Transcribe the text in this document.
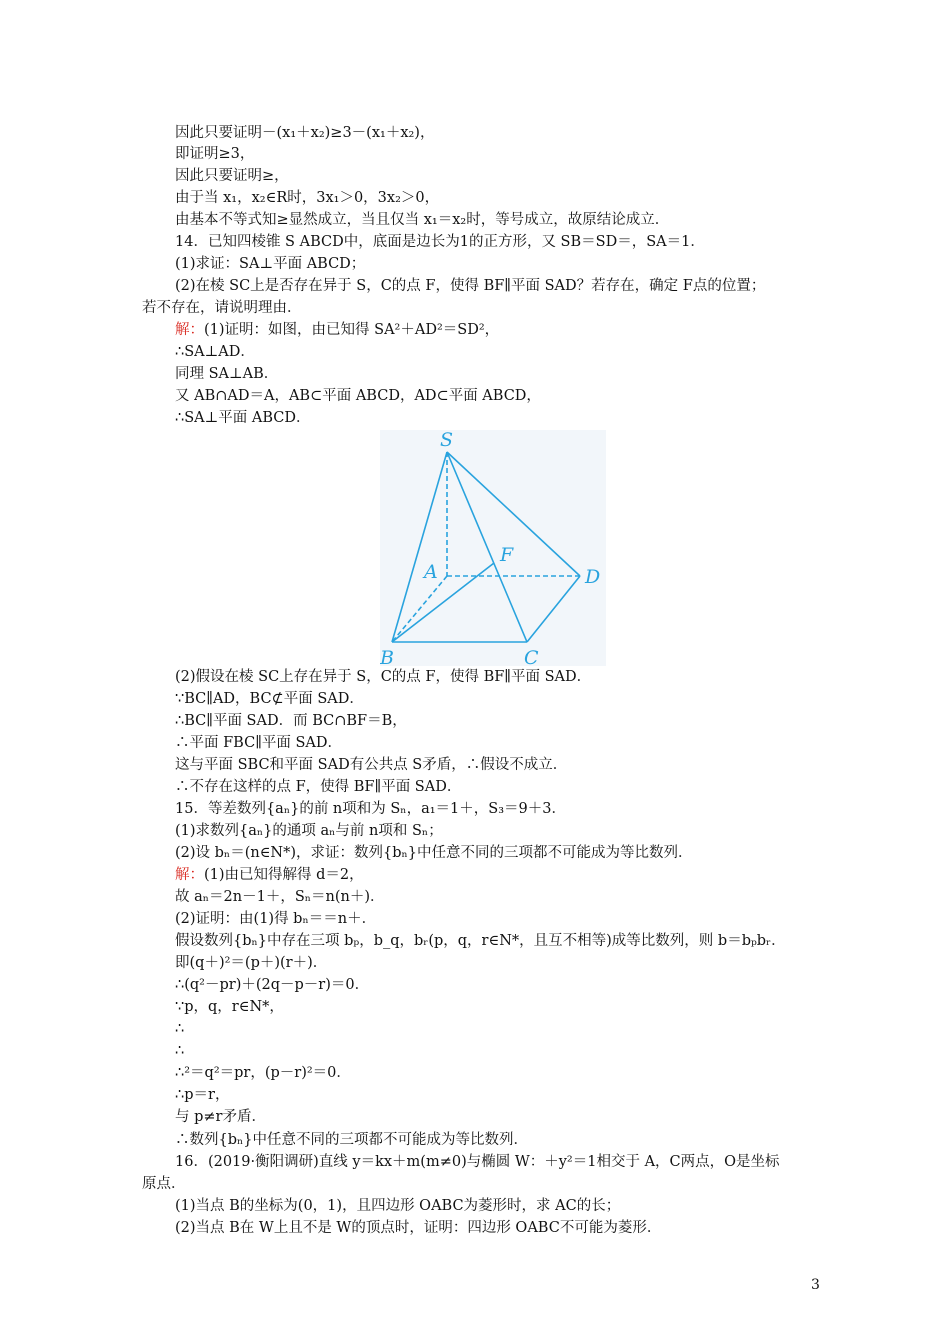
因此只要证明－(x₁＋x₂)≥3－(x₁＋x₂)，
即证明≥3，
因此只要证明≥，
由于当 x₁，x₂∈R时，3x₁＞0，3x₂＞0，
由基本不等式知≥显然成立，当且仅当 x₁＝x₂时，等号成立，故原结论成立．
14．已知四棱锥 S ABCD中，底面是边长为1的正方形，又 SB＝SD＝，SA＝1．
(1)求证：SA⊥平面 ABCD；
(2)在棱 SC上是否存在异于 S，C的点 F，使得 BF∥平面 SAD？若存在，确定 F点的位置；
若不存在，请说明理由．
解：(1)证明：如图，由已知得 SA²＋AD²＝SD²，
∴SA⊥AD．
同理 SA⊥AB．
又 AB∩AD＝A，AB⊂平面 ABCD，AD⊂平面 ABCD，
∴SA⊥平面 ABCD．
S
A
B	C
D
F
(2)假设在棱 SC上存在异于 S，C的点 F，使得 BF∥平面 SAD．
∵BC∥AD，BC⊄平面 SAD．
∴BC∥平面 SAD．而 BC∩BF＝B，
∴平面 FBC∥平面 SAD．
这与平面 SBC和平面 SAD有公共点 S矛盾，∴假设不成立．
∴不存在这样的点 F，使得 BF∥平面 SAD．
15．等差数列{aₙ}的前 n项和为 Sₙ，a₁＝1＋，S₃＝9＋3．
(1)求数列{aₙ}的通项 aₙ与前 n项和 Sₙ；
(2)设 bₙ＝(n∈N*)，求证：数列{bₙ}中任意不同的三项都不可能成为等比数列．
解：(1)由已知得解得 d＝2，
故 aₙ＝2n－1＋，Sₙ＝n(n＋)．
(2)证明：由(1)得 bₙ＝＝n＋．
假设数列{bₙ}中存在三项 bₚ，b_q，bᵣ(p，q，r∈N*，且互不相等)成等比数列，则 b＝bₚbᵣ．
即(q＋)²＝(p＋)(r＋)．
∴(q²－pr)＋(2q－p－r)＝0．
∵p，q，r∈N*，
∴
∴
∴²＝q²＝pr，(p－r)²＝0．
∴p＝r，
与 p≠r矛盾．
∴数列{bₙ}中任意不同的三项都不可能成为等比数列．
16．(2019·衡阳调研)直线 y＝kx＋m(m≠0)与椭圆 W：＋y²＝1相交于 A，C两点，O是坐标
原点．
(1)当点 B的坐标为(0，1)，且四边形 OABC为菱形时，求 AC的长；
(2)当点 B在 W上且不是 W的顶点时，证明：四边形 OABC不可能为菱形．
3
